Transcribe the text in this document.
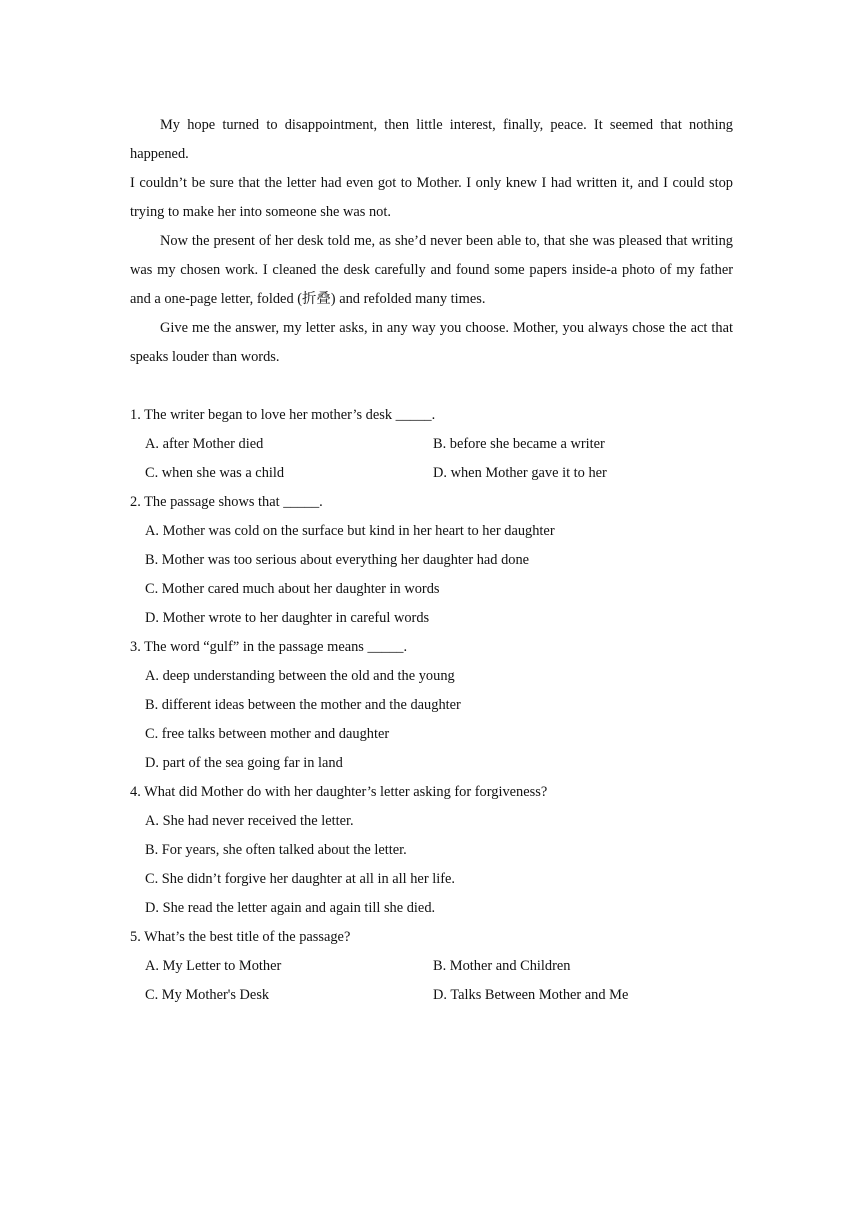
My hope turned to disappointment, then little interest, finally, peace. It seemed that nothing happened.

I couldn’t be sure that the letter had even got to Mother. I only knew I had written it, and I could stop trying to make her into someone she was not.

Now the present of her desk told me, as she’d never been able to, that she was pleased that writing was my chosen work. I cleaned the desk carefully and found some papers inside-a photo of my father and a one-page letter, folded (折叠) and refolded many times.

Give me the answer, my letter asks, in any way you choose. Mother, you always chose the act that speaks louder than words.

1. The writer began to love her mother’s desk _____.

A. after Mother died	B. before she became a writer
C. when she was a child	D. when Mother gave it to her

2. The passage shows that _____.

A. Mother was cold on the surface but kind in her heart to her daughter
B. Mother was too serious about everything her daughter had done
C. Mother cared much about her daughter in words
D. Mother wrote to her daughter in careful words

3. The word “gulf” in the passage means _____.

A. deep understanding between the old and the young
B. different ideas between the mother and the daughter
C. free talks between mother and daughter
D. part of the sea going far in land

4. What did Mother do with her daughter’s letter asking for forgiveness?

A. She had never received the letter.
B. For years, she often talked about the letter.
C. She didn’t forgive her daughter at all in all her life.
D. She read the letter again and again till she died.

5. What’s the best title of the passage?

A. My Letter to Mother	B. Mother and Children
C. My Mother's Desk	D. Talks Between Mother and Me
